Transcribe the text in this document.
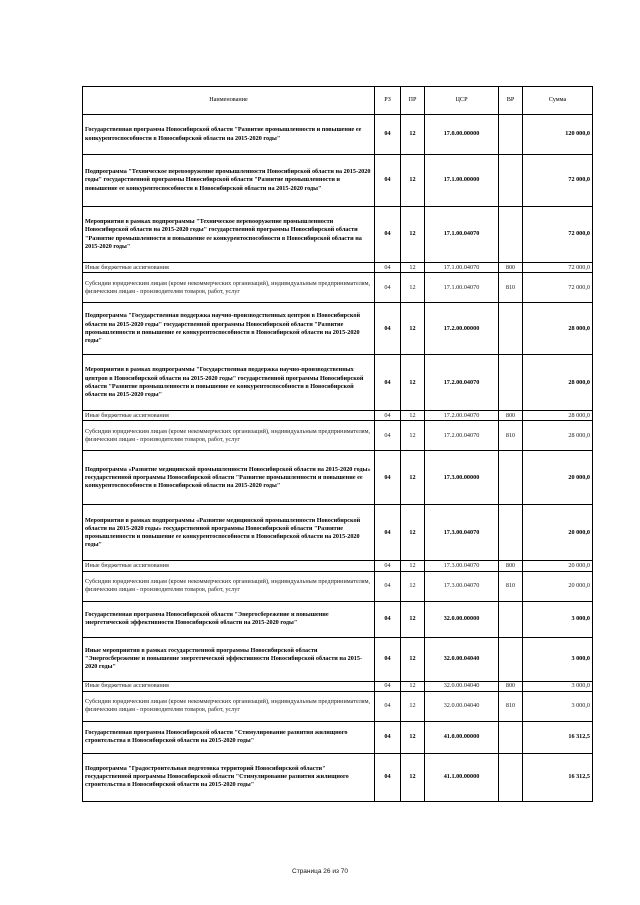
Наименование	РЗ	ПР	ЦСР	ВР	Сумма
Государственная программа Новосибирской области "Развитие промышленности и повышение ее конкурентоспособности в Новосибирской области на 2015-2020 годы"	04	12	17.0.00.00000		120 000,0
Подпрограмма "Техническое перевооружение промышленности Новосибирской области на 2015-2020 годы" государственной программы Новосибирской области "Развитие промышленности и повышение ее конкурентоспособности в Новосибирской области на 2015-2020 годы"	04	12	17.1.00.00000		72 000,0
Мероприятия в рамках подпрограммы "Техническое перевооружение промышленности Новосибирской области на 2015-2020 годы" государственной программы Новосибирской области "Развитие промышленности и повышение ее конкурентоспособности в Новосибирской области на 2015-2020 годы"	04	12	17.1.00.04070		72 000,0
Иные бюджетные ассигнования	04	12	17.1.00.04070	800	72 000,0
Субсидии юридическим лицам (кроме некоммерческих организаций), индивидуальным предпринимателям, физическим лицам - производителям товаров, работ, услуг	04	12	17.1.00.04070	810	72 000,0
Подпрограмма "Государственная поддержка научно-производственных центров в Новосибирской области на 2015-2020 годы" государственной программы Новосибирской области "Развитие промышленности и повышение ее конкурентоспособности в Новосибирской области на 2015-2020 годы"	04	12	17.2.00.00000		28 000,0
Мероприятия в рамках подпрограммы "Государственная поддержка научно-производственных центров в Новосибирской области на 2015-2020 годы" государственной программы Новосибирской области "Развитие промышленности и повышение ее конкурентоспособности в Новосибирской области на 2015-2020 годы"	04	12	17.2.00.04070		28 000,0
Иные бюджетные ассигнования	04	12	17.2.00.04070	800	28 000,0
Субсидии юридическим лицам (кроме некоммерческих организаций), индивидуальным предпринимателям, физическим лицам - производителям товаров, работ, услуг	04	12	17.2.00.04070	810	28 000,0
Подпрограмма «Развитие медицинской промышленности Новосибирской области на 2015-2020 годы» государственной программы Новосибирской области "Развитие промышленности и повышение ее конкурентоспособности в Новосибирской области на 2015-2020 годы"	04	12	17.3.00.00000		20 000,0
Мероприятия в рамках подпрограммы «Развитие медицинской промышленности Новосибирской области на 2015-2020 годы» государственной программы Новосибирской области "Развитие промышленности и повышение ее конкурентоспособности в Новосибирской области на 2015-2020 годы"	04	12	17.3.00.04070		20 000,0
Иные бюджетные ассигнования	04	12	17.3.00.04070	800	20 000,0
Субсидии юридическим лицам (кроме некоммерческих организаций), индивидуальным предпринимателям, физическим лицам - производителям товаров, работ, услуг	04	12	17.3.00.04070	810	20 000,0
Государственная программа Новосибирской области "Энергосбережение и повышение энергетической эффективности Новосибирской области на 2015-2020 годы"	04	12	32.0.00.00000		3 000,0
Иные мероприятия в рамках государственной программы Новосибирской области "Энергосбережение и повышение энергетической эффективности Новосибирской области на 2015- 2020 годы"	04	12	32.0.00.04040		3 000,0
Иные бюджетные ассигнования	04	12	32.0.00.04040	800	3 000,0
Субсидии юридическим лицам (кроме некоммерческих организаций), индивидуальным предпринимателям, физическим лицам - производителям товаров, работ, услуг	04	12	32.0.00.04040	810	3 000,0
Государственная программа Новосибирской области "Стимулирование развития жилищного строительства в Новосибирской области на 2015-2020 годы"	04	12	41.0.00.00000		16 312,5
Подпрограмма "Градостроительная подготовка территорий Новосибирской области" государственной программы Новосибирской области "Стимулирование развития жилищного строительства в Новосибирской области на 2015-2020 годы"	04	12	41.1.00.00000		16 312,5
Страница 26 из 70
